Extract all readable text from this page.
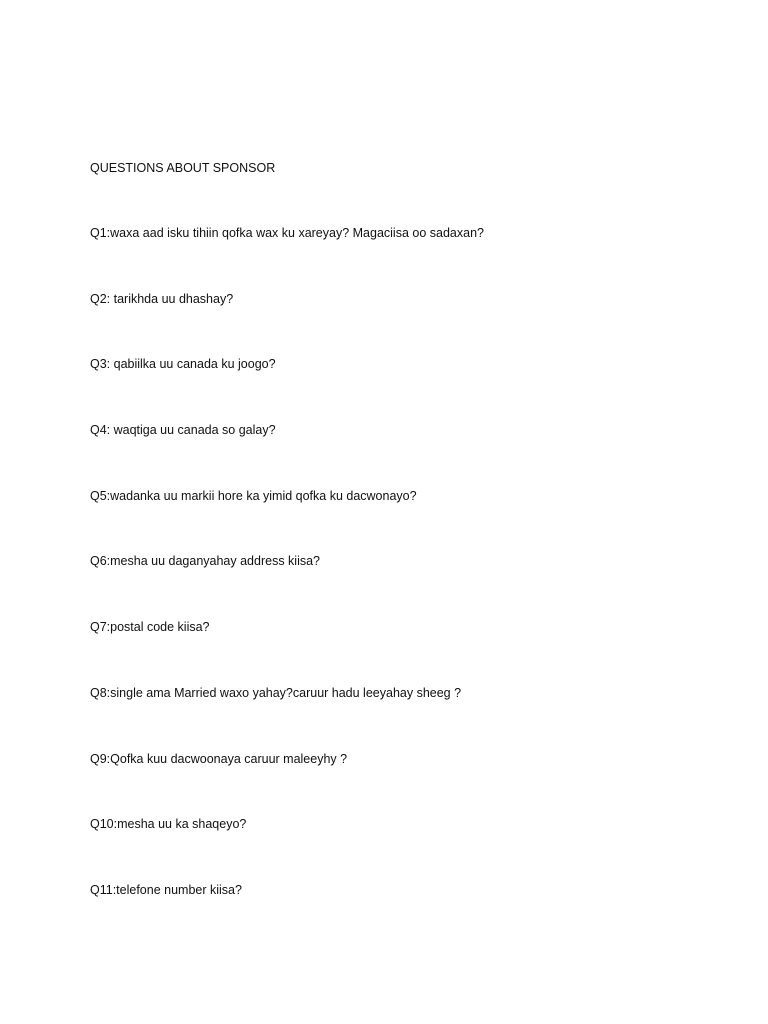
QUESTIONS ABOUT SPONSOR
Q1:waxa aad isku tihiin qofka wax ku xareyay? Magaciisa oo sadaxan?
Q2: tarikhda uu dhashay?
Q3: qabiilka uu canada ku joogo?
Q4: waqtiga uu canada so galay?
Q5:wadanka uu markii hore ka yimid qofka ku dacwonayo?
Q6:mesha uu daganyahay address kiisa?
Q7:postal code kiisa?
Q8:single ama Married waxo yahay?caruur hadu leeyahay sheeg ?
Q9:Qofka kuu dacwoonaya caruur maleeyhy ?
Q10:mesha uu ka shaqeyo?
Q11:telefone number kiisa?
